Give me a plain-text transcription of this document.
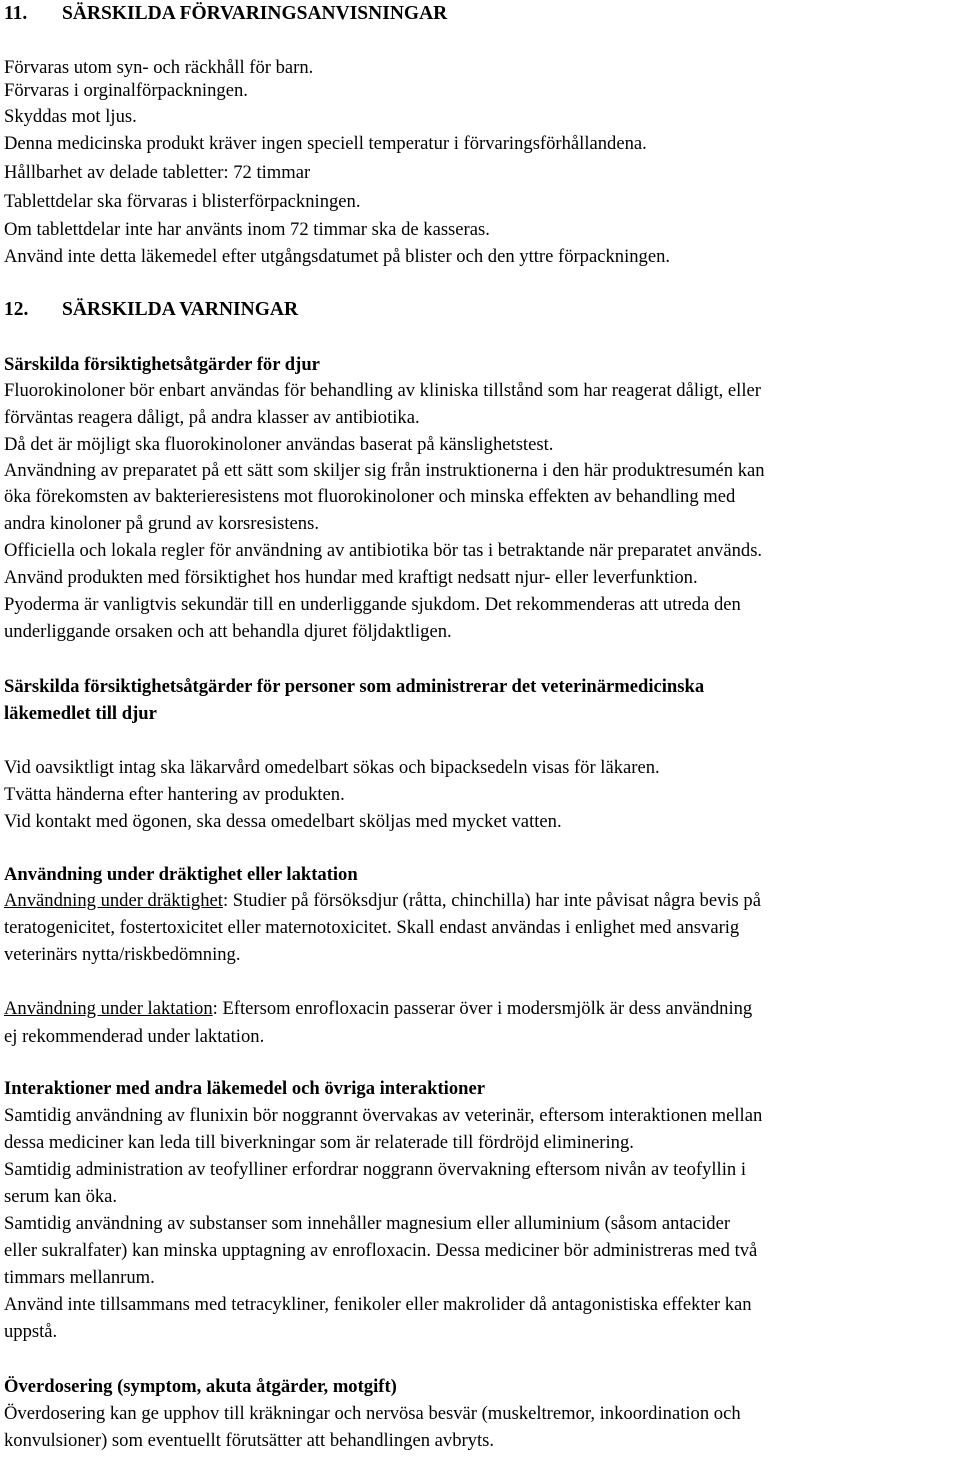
11. SÄRSKILDA FÖRVARINGSANVISNINGAR

Förvaras utom syn- och räckhåll för barn.

Förvaras i orginalförpackningen.

Skyddas mot ljus.

Denna medicinska produkt kräver ingen speciell temperatur i förvaringsförhållandena.

Hållbarhet av delade tabletter: 72 timmar

Tablettdelar ska förvaras i blisterförpackningen.

Om tablettdelar inte har använts inom 72 timmar ska de kasseras.

Använd inte detta läkemedel efter utgångsdatumet på blister och den yttre förpackningen.

12. SÄRSKILDA VARNINGAR

Särskilda försiktighetsåtgärder för djur

Fluorokinoloner bör enbart användas för behandling av kliniska tillstånd som har reagerat dåligt, eller

förväntas reagera dåligt, på andra klasser av antibiotika.

Då det är möjligt ska fluorokinoloner användas baserat på känslighetstest.

Användning av preparatet på ett sätt som skiljer sig från instruktionerna i den här produktresumén kan

öka förekomsten av bakterieresistens mot fluorokinoloner och minska effekten av behandling med

andra kinoloner på grund av korsresistens.

Officiella och lokala regler för användning av antibiotika bör tas i betraktande när preparatet används.

Använd produkten med försiktighet hos hundar med kraftigt nedsatt njur- eller leverfunktion.

Pyoderma är vanligtvis sekundär till en underliggande sjukdom. Det rekommenderas att utreda den

underliggande orsaken och att behandla djuret följdaktligen.

Särskilda försiktighetsåtgärder för personer som administrerar det veterinärmedicinska

läkemedlet till djur

Vid oavsiktligt intag ska läkarvård omedelbart sökas och bipacksedeln visas för läkaren.

Tvätta händerna efter hantering av produkten.

Vid kontakt med ögonen, ska dessa omedelbart sköljas med mycket vatten.

Användning under dräktighet eller laktation

Användning under dräktighet: Studier på försöksdjur (råtta, chinchilla) har inte påvisat några bevis på

teratogenicitet, fostertoxicitet eller maternotoxicitet. Skall endast användas i enlighet med ansvarig

veterinärs nytta/riskbedömning.

Användning under laktation: Eftersom enrofloxacin passerar över i modersmjölk är dess användning

ej rekommenderad under laktation.

Interaktioner med andra läkemedel och övriga interaktioner

Samtidig användning av flunixin bör noggrannt övervakas av veterinär, eftersom interaktionen mellan

dessa mediciner kan leda till biverkningar som är relaterade till fördröjd eliminering.

Samtidig administration av teofylliner erfordrar noggrann övervakning eftersom nivån av teofyllin i

serum kan öka.

Samtidig användning av substanser som innehåller magnesium eller alluminium (såsom antacider

eller sukralfater) kan minska upptagning av enrofloxacin. Dessa mediciner bör administreras med två

timmars mellanrum.

Använd inte tillsammans med tetracykliner, fenikoler eller makrolider då antagonistiska effekter kan

uppstå.

Överdosering (symptom, akuta åtgärder, motgift)

Överdosering kan ge upphov till kräkningar och nervösa besvär (muskeltremor, inkoordination och

konvulsioner) som eventuellt förutsätter att behandlingen avbryts.
